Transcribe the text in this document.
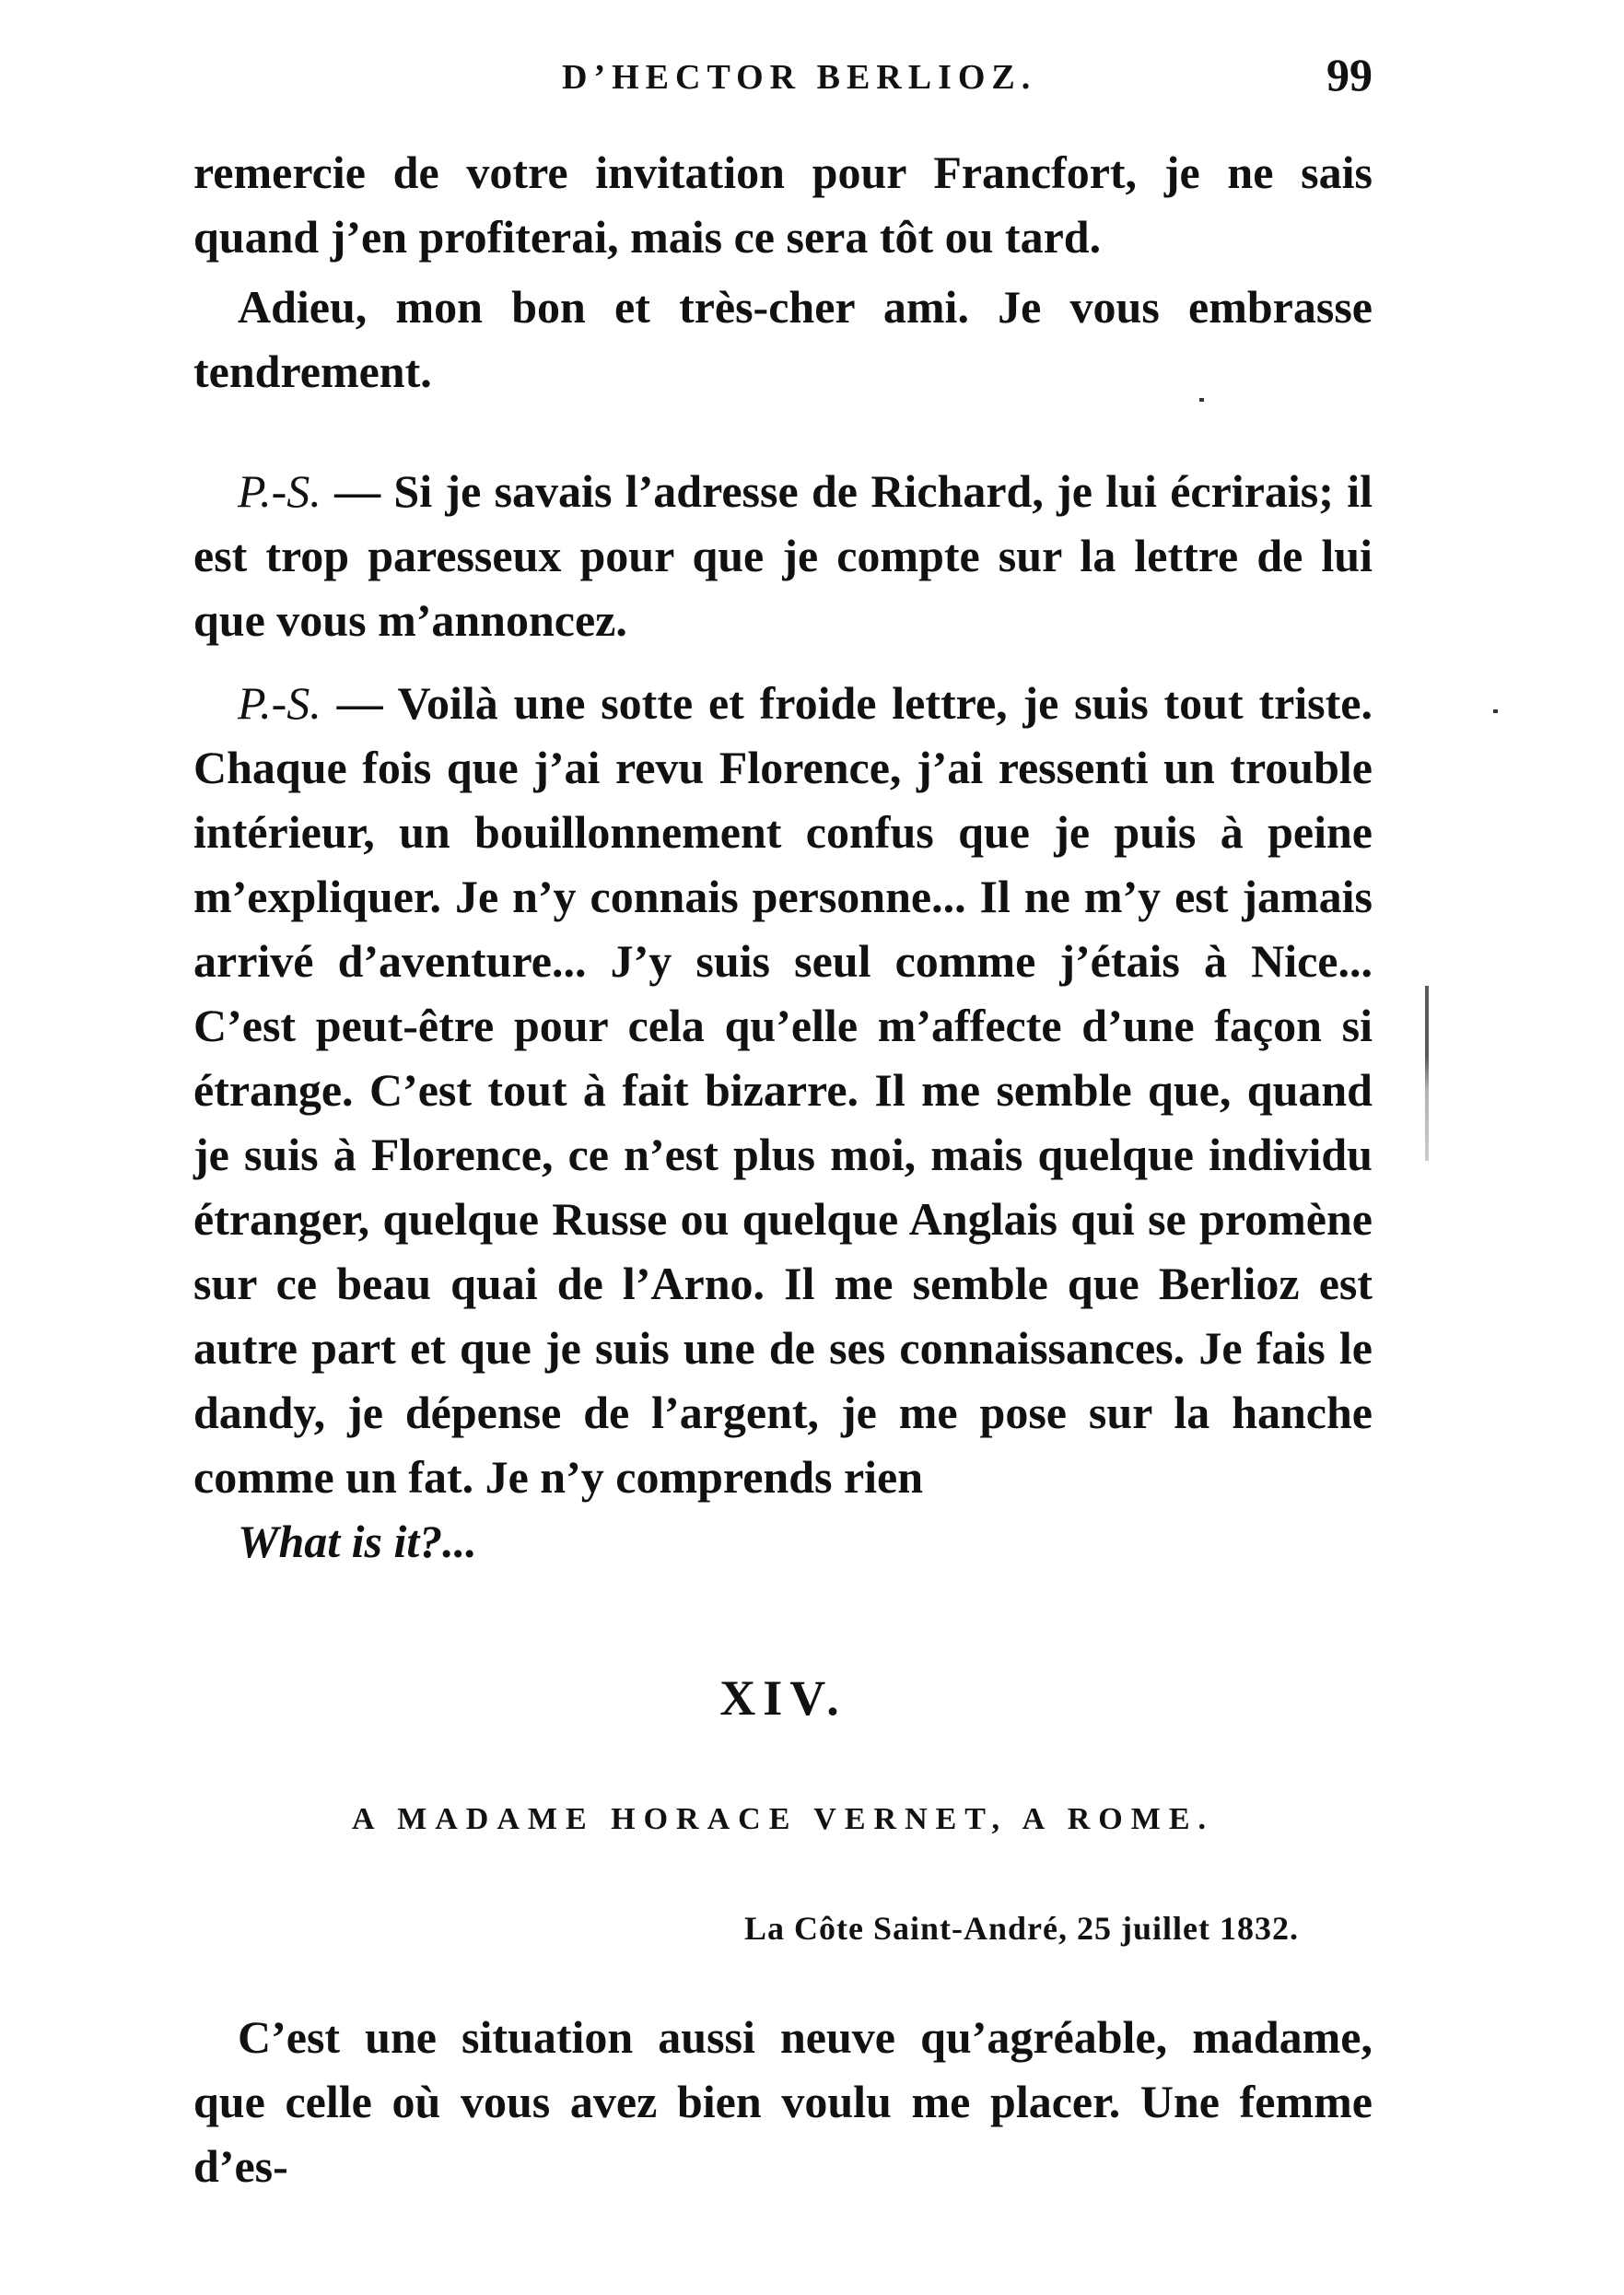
D’HECTOR BERLIOZ.	99

remercie de votre invitation pour Francfort, je ne sais quand j’en profiterai, mais ce sera tôt ou tard.

Adieu, mon bon et très-cher ami. Je vous embrasse tendrement.

P.-S. — Si je savais l’adresse de Richard, je lui écrirais; il est trop paresseux pour que je compte sur la lettre de lui que vous m’annoncez.

P.-S. — Voilà une sotte et froide lettre, je suis tout triste. Chaque fois que j’ai revu Florence, j’ai ressenti un trouble intérieur, un bouillonnement confus que je puis à peine m’expliquer. Je n’y connais personne... Il ne m’y est jamais arrivé d’aventure... J’y suis seul comme j’étais à Nice... C’est peut-être pour cela qu’elle m’affecte d’une façon si étrange. C’est tout à fait bizarre. Il me semble que, quand je suis à Florence, ce n’est plus moi, mais quelque individu étranger, quelque Russe ou quelque Anglais qui se promène sur ce beau quai de l’Arno. Il me semble que Berlioz est autre part et que je suis une de ses connaissances. Je fais le dandy, je dépense de l’argent, je me pose sur la hanche comme un fat. Je n’y comprends rien

What is it?...

XIV.

A MADAME HORACE VERNET, A ROME.

La Côte Saint-André, 25 juillet 1832.

C’est une situation aussi neuve qu’agréable, madame, que celle où vous avez bien voulu me placer. Une femme d’es-
